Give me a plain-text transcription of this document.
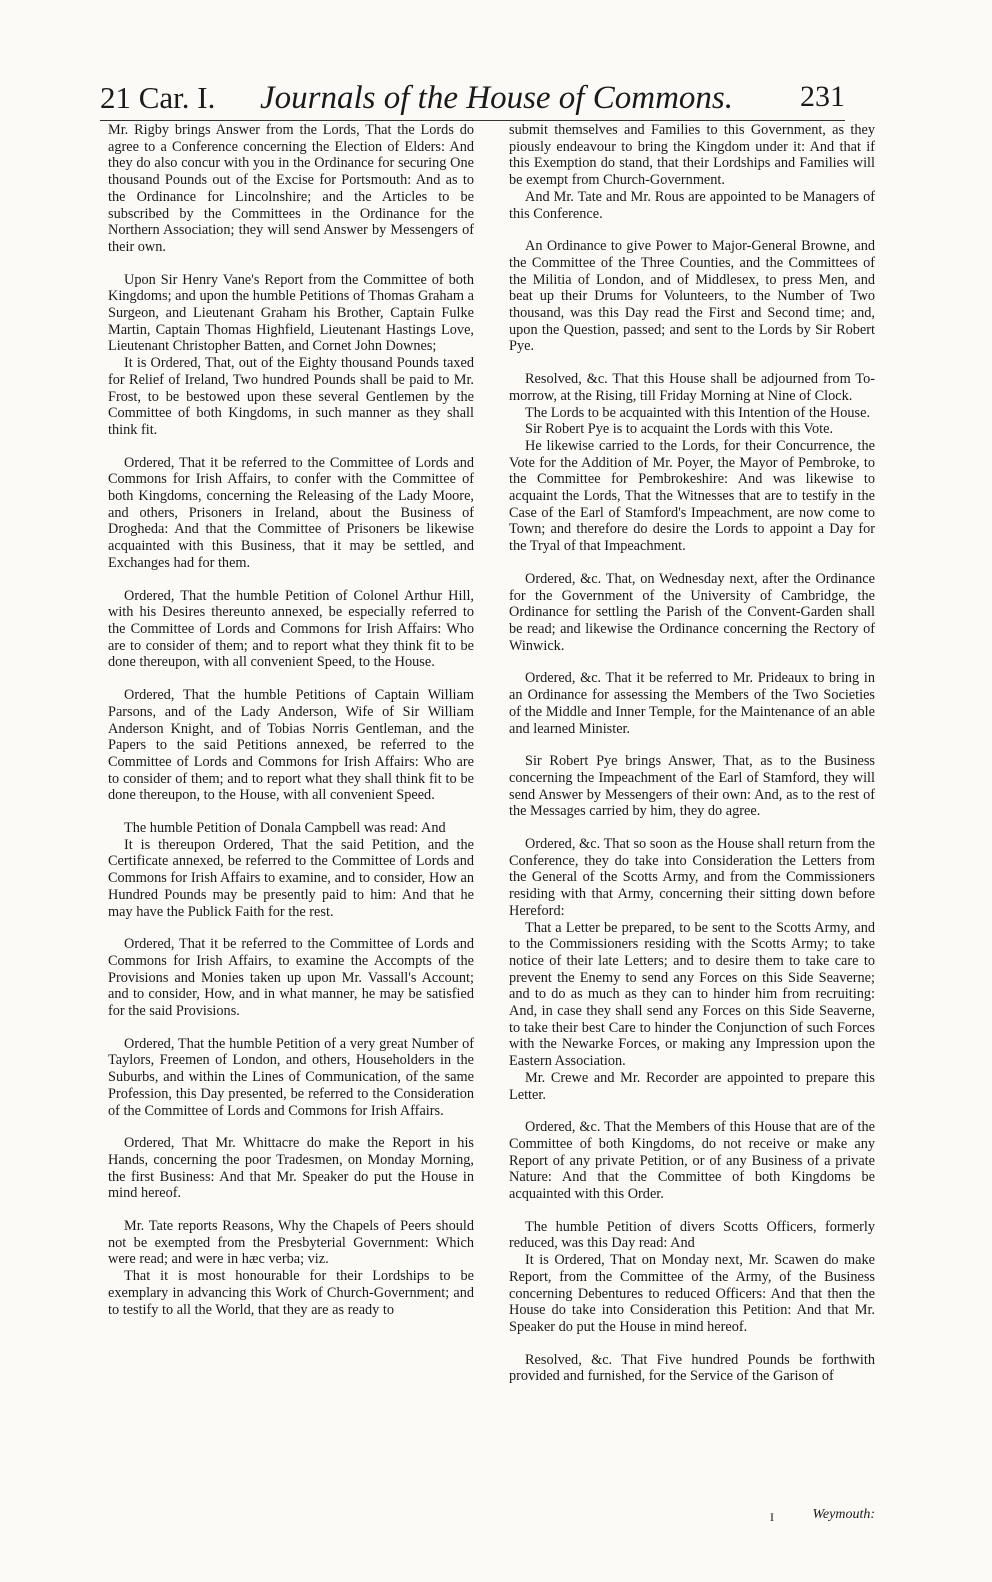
21 Car. I. Journals of the House of Commons. 231

Mr. Rigby brings Answer from the Lords, That the Lords do agree to a Conference concerning the Election of Elders: And they do also concur with you in the Ordinance for securing One thousand Pounds out of the Excise for Portsmouth: And as to the Ordinance for Lincolnshire; and the Articles to be subscribed by the Committees in the Ordinance for the Northern Association; they will send Answer by Messengers of their own.

Upon Sir Henry Vane's Report from the Committee of both Kingdoms; and upon the humble Petitions of Thomas Graham a Surgeon, and Lieutenant Graham his Brother, Captain Fulke Martin, Captain Thomas Highfield, Lieutenant Hastings Love, Lieutenant Christopher Batten, and Cornet John Downes;

It is Ordered, That, out of the Eighty thousand Pounds taxed for Relief of Ireland, Two hundred Pounds shall be paid to Mr. Frost, to be bestowed upon these several Gentlemen by the Committee of both Kingdoms, in such manner as they shall think fit.

Ordered, That it be referred to the Committee of Lords and Commons for Irish Affairs, to confer with the Committee of both Kingdoms, concerning the Releasing of the Lady Moore, and others, Prisoners in Ireland, about the Business of Drogheda: And that the Committee of Prisoners be likewise acquainted with this Business, that it may be settled, and Exchanges had for them.

Ordered, That the humble Petition of Colonel Arthur Hill, with his Desires thereunto annexed, be especially referred to the Committee of Lords and Commons for Irish Affairs: Who are to consider of them; and to report what they think fit to be done thereupon, with all convenient Speed, to the House.

Ordered, That the humble Petitions of Captain William Parsons, and of the Lady Anderson, Wife of Sir William Anderson Knight, and of Tobias Norris Gentleman, and the Papers to the said Petitions annexed, be referred to the Committee of Lords and Commons for Irish Affairs: Who are to consider of them; and to report what they shall think fit to be done thereupon, to the House, with all convenient Speed.

The humble Petition of Donala Campbell was read: And

It is thereupon Ordered, That the said Petition, and the Certificate annexed, be referred to the Committee of Lords and Commons for Irish Affairs to examine, and to consider, How an Hundred Pounds may be presently paid to him: And that he may have the Publick Faith for the rest.

Ordered, That it be referred to the Committee of Lords and Commons for Irish Affairs, to examine the Accompts of the Provisions and Monies taken up upon Mr. Vassall's Account; and to consider, How, and in what manner, he may be satisfied for the said Provisions.

Ordered, That the humble Petition of a very great Number of Taylors, Freemen of London, and others, Householders in the Suburbs, and within the Lines of Communication, of the same Profession, this Day presented, be referred to the Consideration of the Committee of Lords and Commons for Irish Affairs.

Ordered, That Mr. Whittacre do make the Report in his Hands, concerning the poor Tradesmen, on Monday Morning, the first Business: And that Mr. Speaker do put the House in mind hereof.

Mr. Tate reports Reasons, Why the Chapels of Peers should not be exempted from the Presbyterial Government: Which were read; and were in hæc verba; viz.

That it is most honourable for their Lordships to be exemplary in advancing this Work of Church-Government; and to testify to all the World, that they are as ready to

submit themselves and Families to this Government, as they piously endeavour to bring the Kingdom under it: And that if this Exemption do stand, that their Lordships and Families will be exempt from Church-Government.

And Mr. Tate and Mr. Rous are appointed to be Managers of this Conference.

An Ordinance to give Power to Major-General Browne, and the Committee of the Three Counties, and the Committees of the Militia of London, and of Middlesex, to press Men, and beat up their Drums for Volunteers, to the Number of Two thousand, was this Day read the First and Second time; and, upon the Question, passed; and sent to the Lords by Sir Robert Pye.

Resolved, &c. That this House shall be adjourned from To-morrow, at the Rising, till Friday Morning at Nine of Clock.

The Lords to be acquainted with this Intention of the House.

Sir Robert Pye is to acquaint the Lords with this Vote.

He likewise carried to the Lords, for their Concurrence, the Vote for the Addition of Mr. Poyer, the Mayor of Pembroke, to the Committee for Pembrokeshire: And was likewise to acquaint the Lords, That the Witnesses that are to testify in the Case of the Earl of Stamford's Impeachment, are now come to Town; and therefore do desire the Lords to appoint a Day for the Tryal of that Impeachment.

Ordered, &c. That, on Wednesday next, after the Ordinance for the Government of the University of Cambridge, the Ordinance for settling the Parish of the Convent-Garden shall be read; and likewise the Ordinance concerning the Rectory of Winwick.

Ordered, &c. That it be referred to Mr. Prideaux to bring in an Ordinance for assessing the Members of the Two Societies of the Middle and Inner Temple, for the Maintenance of an able and learned Minister.

Sir Robert Pye brings Answer, That, as to the Business concerning the Impeachment of the Earl of Stamford, they will send Answer by Messengers of their own: And, as to the rest of the Messages carried by him, they do agree.

Ordered, &c. That so soon as the House shall return from the Conference, they do take into Consideration the Letters from the General of the Scotts Army, and from the Commissioners residing with that Army, concerning their sitting down before Hereford:

That a Letter be prepared, to be sent to the Scotts Army, and to the Commissioners residing with the Scotts Army; to take notice of their late Letters; and to desire them to take care to prevent the Enemy to send any Forces on this Side Seaverne; and to do as much as they can to hinder him from recruiting: And, in case they shall send any Forces on this Side Seaverne, to take their best Care to hinder the Conjunction of such Forces with the Newarke Forces, or making any Impression upon the Eastern Association.

Mr. Crewe and Mr. Recorder are appointed to prepare this Letter.

Ordered, &c. That the Members of this House that are of the Committee of both Kingdoms, do not receive or make any Report of any private Petition, or of any Business of a private Nature: And that the Committee of both Kingdoms be acquainted with this Order.

The humble Petition of divers Scotts Officers, formerly reduced, was this Day read: And

It is Ordered, That on Monday next, Mr. Scawen do make Report, from the Committee of the Army, of the Business concerning Debentures to reduced Officers: And that then the House do take into Consideration this Petition: And that Mr. Speaker do put the House in mind hereof.

Resolved, &c. That Five hundred Pounds be forthwith provided and furnished, for the Service of the Garison of

I	Weymouth:
